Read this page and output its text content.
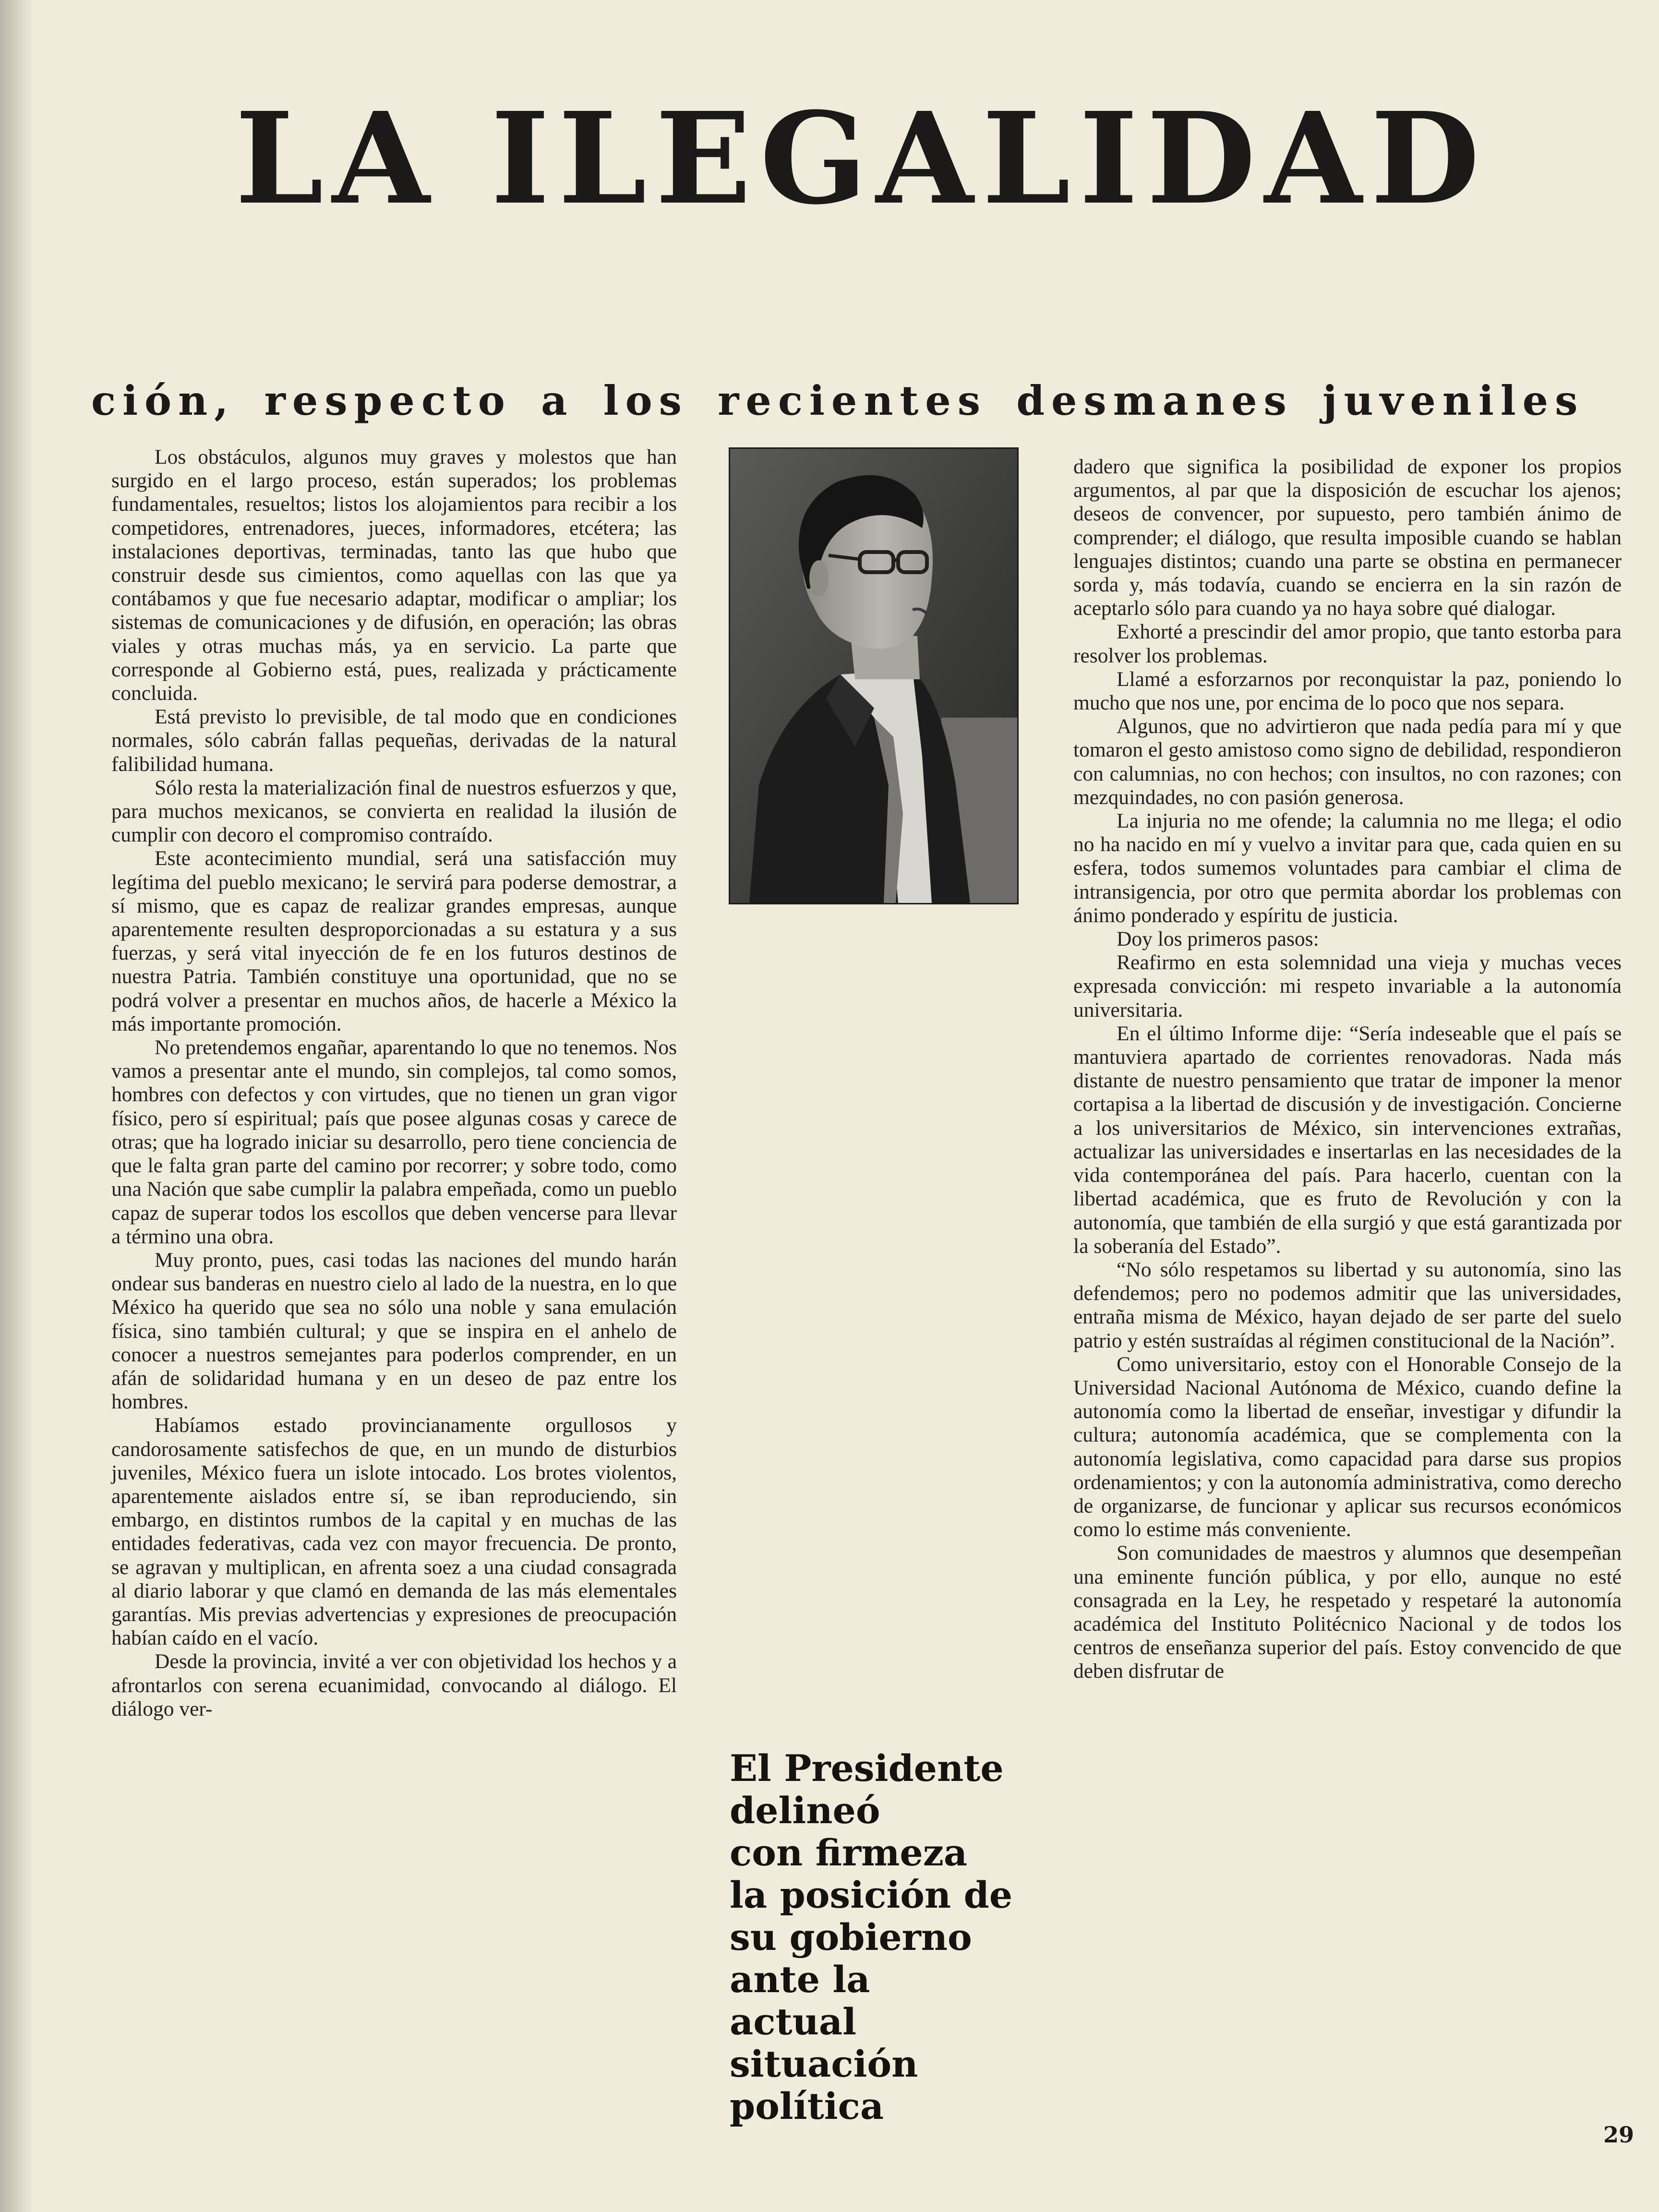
LA ILEGALIDAD
ción, respecto a los recientes desmanes juveniles

Los obstáculos, algunos muy graves y molestos que han surgido en el largo proceso, están superados; los problemas fundamentales, resueltos; listos los alojamientos para recibir a los competidores, entrenadores, jueces, informadores, etcétera; las instalaciones deportivas, terminadas, tanto las que hubo que construir desde sus cimientos, como aquellas con las que ya contábamos y que fue necesario adaptar, modificar o ampliar; los sistemas de comunicaciones y de difusión, en operación; las obras viales y otras muchas más, ya en servicio. La parte que corresponde al Gobierno está, pues, realizada y prácticamente concluida.

Está previsto lo previsible, de tal modo que en condiciones normales, sólo cabrán fallas pequeñas, derivadas de la natural falibilidad humana.

Sólo resta la materialización final de nuestros esfuerzos y que, para muchos mexicanos, se convierta en realidad la ilusión de cumplir con decoro el compromiso contraído.

Este acontecimiento mundial, será una satisfacción muy legítima del pueblo mexicano; le servirá para poderse demostrar, a sí mismo, que es capaz de realizar grandes empresas, aunque aparentemente resulten desproporcionadas a su estatura y a sus fuerzas, y será vital inyección de fe en los futuros destinos de nuestra Patria. También constituye una oportunidad, que no se podrá volver a presentar en muchos años, de hacerle a México la más importante promoción.

No pretendemos engañar, aparentando lo que no tenemos. Nos vamos a presentar ante el mundo, sin complejos, tal como somos, hombres con defectos y con virtudes, que no tienen un gran vigor físico, pero sí espiritual; país que posee algunas cosas y carece de otras; que ha logrado iniciar su desarrollo, pero tiene conciencia de que le falta gran parte del camino por recorrer; y sobre todo, como una Nación que sabe cumplir la palabra empeñada, como un pueblo capaz de superar todos los escollos que deben vencerse para llevar a término una obra.

Muy pronto, pues, casi todas las naciones del mundo harán ondear sus banderas en nuestro cielo al lado de la nuestra, en lo que México ha querido que sea no sólo una noble y sana emulación física, sino también cultural; y que se inspira en el anhelo de conocer a nuestros semejantes para poderlos comprender, en un afán de solidaridad humana y en un deseo de paz entre los hombres.

Habíamos estado provincianamente orgullosos y candorosamente satisfechos de que, en un mundo de disturbios juveniles, México fuera un islote intocado. Los brotes violentos, aparentemente aislados entre sí, se iban reproduciendo, sin embargo, en distintos rumbos de la capital y en muchas de las entidades federativas, cada vez con mayor frecuencia. De pronto, se agravan y multiplican, en afrenta soez a una ciudad consagrada al diario laborar y que clamó en demanda de las más elementales garantías. Mis previas advertencias y expresiones de preocupación habían caído en el vacío.

Desde la provincia, invité a ver con objetividad los hechos y a afrontarlos con serena ecuanimidad, convocando al diálogo. El diálogo ver-

dadero que significa la posibilidad de exponer los propios argumentos, al par que la disposición de escuchar los ajenos; deseos de convencer, por supuesto, pero también ánimo de comprender; el diálogo, que resulta imposible cuando se hablan lenguajes distintos; cuando una parte se obstina en permanecer sorda y, más todavía, cuando se encierra en la sin razón de aceptarlo sólo para cuando ya no haya sobre qué dialogar.

Exhorté a prescindir del amor propio, que tanto estorba para resolver los problemas.

Llamé a esforzarnos por reconquistar la paz, poniendo lo mucho que nos une, por encima de lo poco que nos separa.

Algunos, que no advirtieron que nada pedía para mí y que tomaron el gesto amistoso como signo de debilidad, respondieron con calumnias, no con hechos; con insultos, no con razones; con mezquindades, no con pasión generosa.

La injuria no me ofende; la calumnia no me llega; el odio no ha nacido en mí y vuelvo a invitar para que, cada quien en su esfera, todos sumemos voluntades para cambiar el clima de intransigencia, por otro que permita abordar los problemas con ánimo ponderado y espíritu de justicia.

Doy los primeros pasos:

Reafirmo en esta solemnidad una vieja y muchas veces expresada convicción: mi respeto invariable a la autonomía universitaria.

En el último Informe dije: “Sería indeseable que el país se mantuviera apartado de corrientes renovadoras. Nada más distante de nuestro pensamiento que tratar de imponer la menor cortapisa a la libertad de discusión y de investigación. Concierne a los universitarios de México, sin intervenciones extrañas, actualizar las universidades e insertarlas en las necesidades de la vida contemporánea del país. Para hacerlo, cuentan con la libertad académica, que es fruto de Revolución y con la autonomía, que también de ella surgió y que está garantizada por la soberanía del Estado”.

“No sólo respetamos su libertad y su autonomía, sino las defendemos; pero no podemos admitir que las universidades, entraña misma de México, hayan dejado de ser parte del suelo patrio y estén sustraídas al régimen constitucional de la Nación”.

Como universitario, estoy con el Honorable Consejo de la Universidad Nacional Autónoma de México, cuando define la autonomía como la libertad de enseñar, investigar y difundir la cultura; autonomía académica, que se complementa con la autonomía legislativa, como capacidad para darse sus propios ordenamientos; y con la autonomía administrativa, como derecho de organizarse, de funcionar y aplicar sus recursos económicos como lo estime más conveniente.

Son comunidades de maestros y alumnos que desempeñan una eminente función pública, y por ello, aunque no esté consagrada en la Ley, he respetado y respetaré la autonomía académica del Instituto Politécnico Nacional y de todos los centros de enseñanza superior del país. Estoy convencido de que deben disfrutar de

El Presidente
delineó
con firmeza
la posición de
su gobierno
ante la
actual
situación
política
29
